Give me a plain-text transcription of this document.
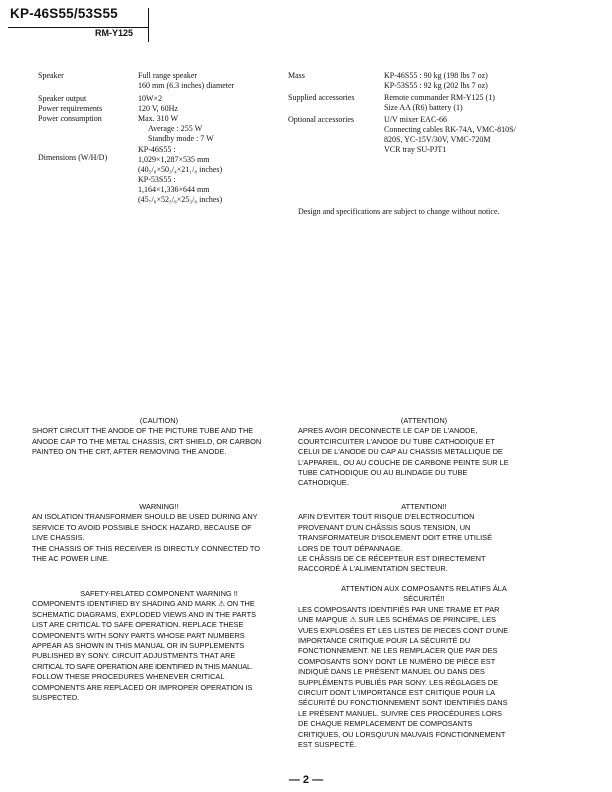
KP-46S55/53S55
RM-Y125
Speaker	Full range speaker
160 mm (6.3 inches) diameter
Speaker output	10W×2
Power requirements	120 V, 60Hz
Power consumption	Max. 310 W
Average : 255 W
Standby mode : 7 W
Dimensions (W/H/D)
KP-46S55 :
1,029×1,287×535 mm
(40₅/₈×50₃/₄×21₁/₈ inches)
KP-53S55 :
1,164×1,336×644 mm
(45₇/₈×52₅/₈×25₃/₈ inches)
Mass	KP-46S55 : 90 kg (198 lbs 7 oz)
KP-53S55 : 92 kg (202 lbs 7 oz)
Supplied accessories	Remote commander RM-Y125 (1)
Size AA (R6) battery (1)
Optional accessories	U/V mixer EAC-66
Connecting cables RK-74A, VMC-810S/
820S, YC-15V/30V, VMC-720M
VCR tray SU-PJT1
Design and specifications are subject to change without notice.
(CAUTION)
SHORT CIRCUIT THE ANODE OF THE PICTURE TUBE AND THE
ANODE CAP TO THE METAL CHASSIS, CRT SHIELD, OR CARBON
PAINTED ON THE CRT, AFTER REMOVING THE ANODE.
(ATTENTION)
APRES AVOIR DECONNECTE LE CAP DE L'ANODE,
COURTCIRCUITER L'ANODE DU TUBE CATHODIQUE ET
CELUI DE L'ANODE DU CAP AU CHASSIS METALLIQUE DE
L'APPAREIL, OU AU COUCHE DE CARBONE PEINTE SUR LE
TUBE CATHODIQUE OU AU BLINDAGE DU TUBE
CATHODIQUE.
WARNING!!
AN ISOLATION TRANSFORMER SHOULD BE USED DURING ANY
SERVICE TO AVOID POSSIBLE SHOCK HAZARD, BECAUSE OF
LIVE CHASSIS.
THE CHASSIS OF THIS RECEIVER IS DIRECTLY CONNECTED TO
THE AC POWER LINE.
ATTENTION!!
AFIN D'EVITER TOUT RISQUE D'ELECTROCUTION
PROVENANT D'UN CHÂSSIS SOUS TENSION, UN
TRANSFORMATEUR D'ISOLEMENT DOIT ETRE UTILISÉ
LORS DE TOUT DÉPANNAGE.
LE CHÂSSIS DE CE RÉCEPTEUR EST DIRECTEMENT
RACCORDÉ À L'ALIMENTATION SECTEUR.
SAFETY-RELATED COMPONENT WARNING !!
COMPONENTS IDENTIFIED BY SHADING AND MARK ⚠ ON THE
SCHEMATIC DIAGRAMS, EXPLODED VIEWS AND IN THE PARTS
LIST ARE CRITICAL TO SAFE OPERATION. REPLACE THESE
COMPONENTS WITH SONY PARTS WHOSE PART NUMBERS
APPEAR AS SHOWN IN THIS MANUAL OR IN SUPPLEMENTS
PUBLISHED BY SONY. CIRCUIT ADJUSTMENTS THAT ARE
CRITICAL TO SAFE OPERATION ARE IDENTIFIED IN THIS MANUAL.
FOLLOW THESE PROCEDURES WHENEVER CRITICAL
COMPONENTS ARE REPLACED OR IMPROPER OPERATION IS
SUSPECTED.
ATTENTION AUX COMPOSANTS RELATIFS ÁLA
SÉCURITÉ!!
LES COMPOSANTS IDENTIFIÉS PAR UNE TRAME ET PAR
UNE MAPQUE ⚠ SUR LES SCHÉMAS DE PRINCIPE, LES
VUES EXPLOSÉES ET LES LISTES DE PIECES CONT D'UNE
IMPORTANCE CRITIQUE POUR LA SÉCURITÉ DU
FONCTIONNEMENT. NE LES REMPLACER QUE PAR DES
COMPOSANTS SONY DONT LE NUMÉRO DE PIÈCE EST
INDIQUÉ DANS LE PRÉSENT MANUEL OU DANS DES
SUPPLÉMENTS PUBLIÉS PAR SONY. LES RÉGLAGES DE
CIRCUIT DONT L'IMPORTANCE EST CRITIQUE POUR LA
SÉCURITÉ DU FONCTIONNEMENT SONT IDENTIFIÉS DANS
LE PRÉSENT MANUEL. SUIVRE CES PROCÉDURES LORS
DE CHAQUE REMPLACEMENT DE COMPOSANTS
CRITIQUES, OU LORSQU'UN MAUVAIS FONCTIONNEMENT
EST SUSPECTÉ.
— 2 —
